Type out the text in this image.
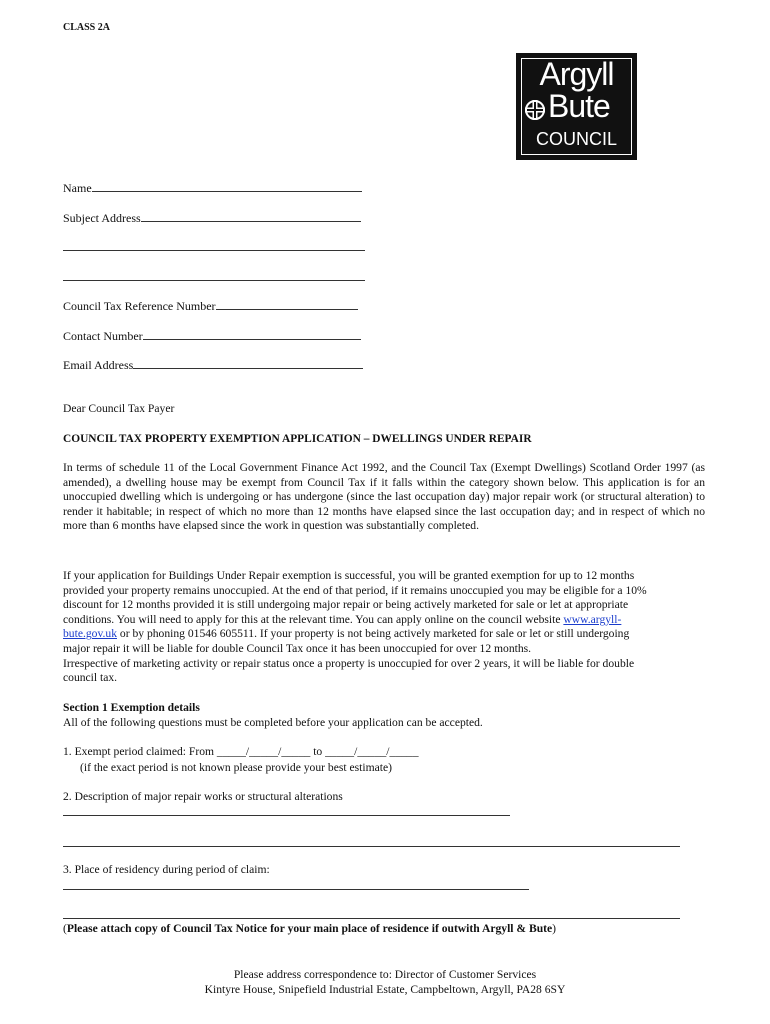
CLASS 2A
Argyll
Bute
COUNCIL
Name
Subject Address
Council Tax Reference Number
Contact Number
Email Address
Dear Council Tax Payer
COUNCIL TAX PROPERTY EXEMPTION APPLICATION – DWELLINGS UNDER REPAIR
In terms of schedule 11 of the Local Government Finance Act 1992, and the Council Tax (Exempt Dwellings) Scotland Order 1997 (as amended), a dwelling house may be exempt from Council Tax if it falls within the category shown below. This application is for an unoccupied dwelling which is undergoing or has undergone (since the last occupation day) major repair work (or structural alteration) to render it habitable; in respect of which no more than 12 months have elapsed since the last occupation day; and in respect of which no more than 6 months have elapsed since the work in question was substantially completed.
If your application for Buildings Under Repair exemption is successful, you will be granted exemption for up to 12 months
provided your property remains unoccupied. At the end of that period, if it remains unoccupied you may be eligible for a 10%
discount for 12 months provided it is still undergoing major repair or being actively marketed for sale or let at appropriate
conditions. You will need to apply for this at the relevant time. You can apply online on the council website www.argyll-
bute.gov.uk or by phoning 01546 605511. If your property is not being actively marketed for sale or let or still undergoing
major repair it will be liable for double Council Tax once it has been unoccupied for over 12 months.
Irrespective of marketing activity or repair status once a property is unoccupied for over 2 years, it will be liable for double
council tax.
Section 1 Exemption details
All of the following questions must be completed before your application can be accepted.
1. Exempt period claimed: From _____/_____/_____ to _____/_____/_____
(if the exact period is not known please provide your best estimate)
2. Description of major repair works or structural alterations
3. Place of residency during period of claim:
(Please attach copy of Council Tax Notice for your main place of residence if outwith Argyll & Bute)
Please address correspondence to: Director of Customer Services
Kintyre House, Snipefield Industrial Estate, Campbeltown, Argyll, PA28 6SY
